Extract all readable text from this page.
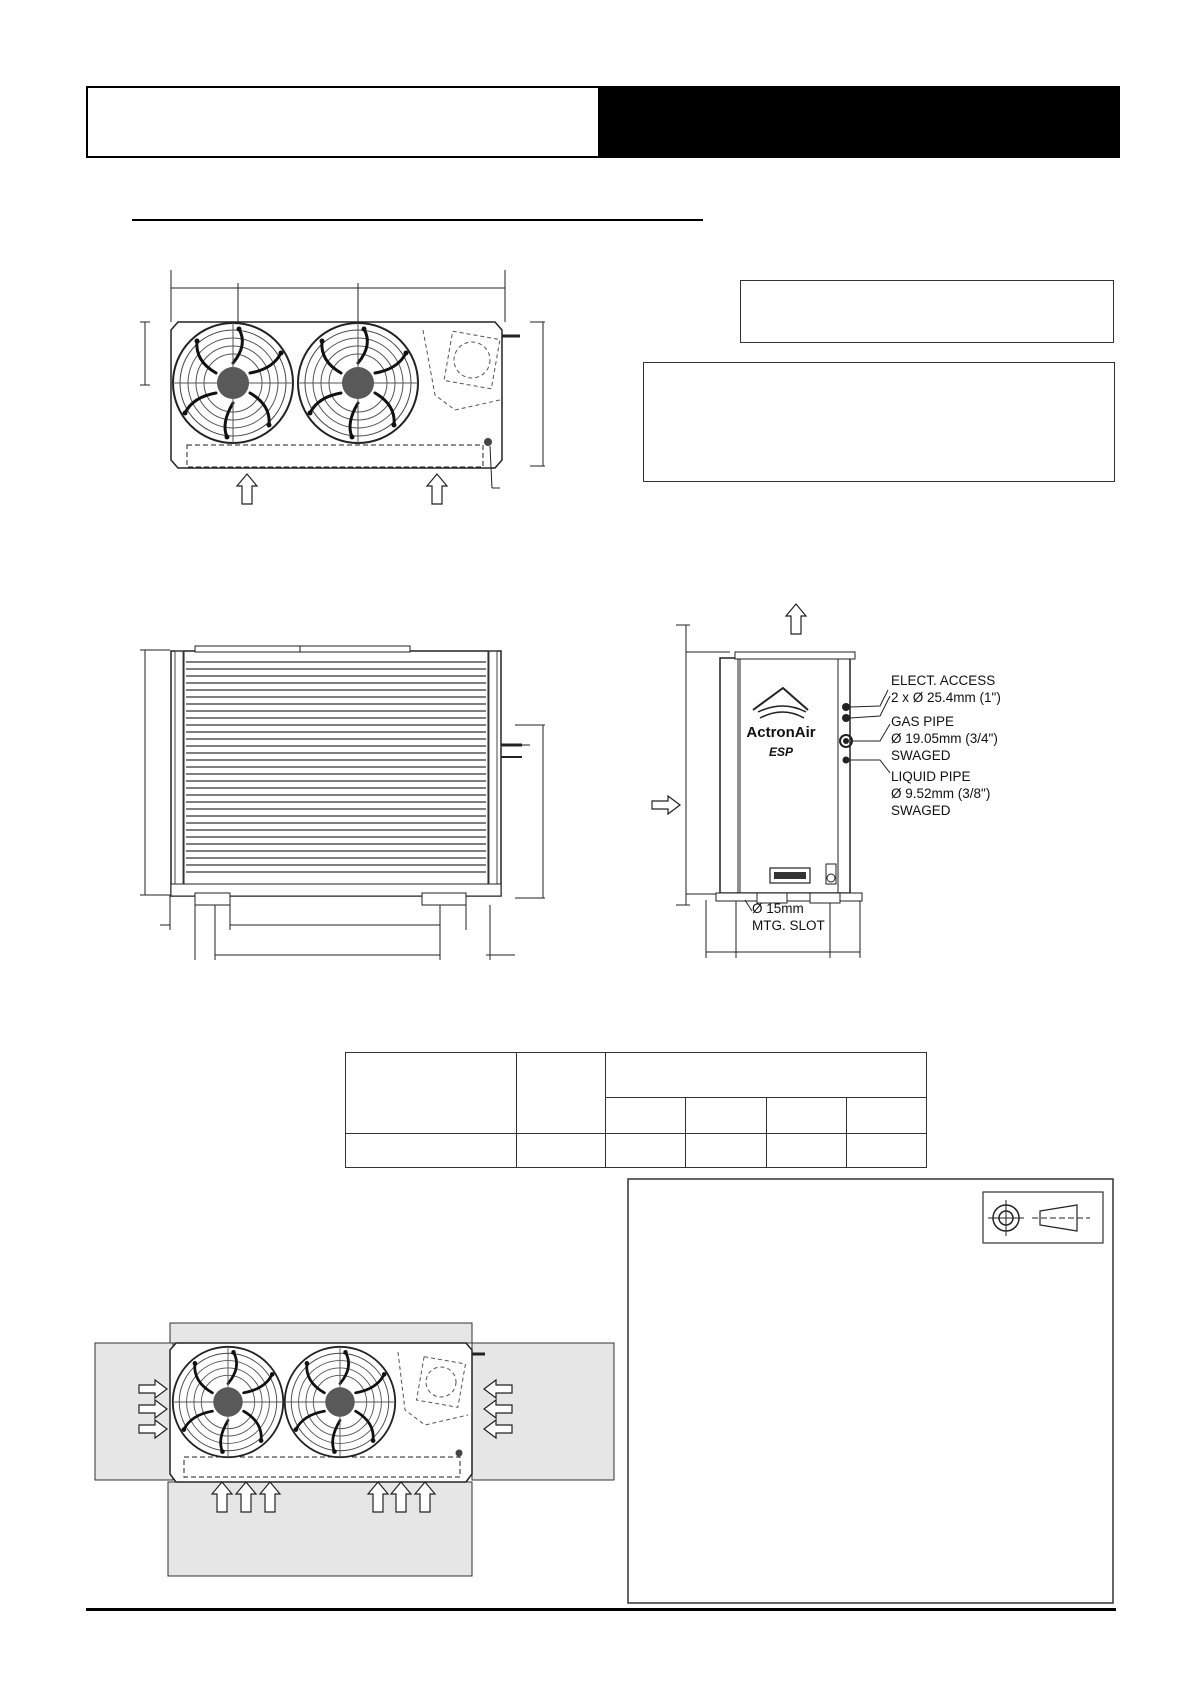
ActronAir
ESP
ELECT. ACCESS
2 x Ø 25.4mm (1")
GAS PIPE
Ø 19.05mm (3/4")
SWAGED
LIQUID PIPE
Ø 9.52mm (3/8")
SWAGED
Ø 15mm
MTG. SLOT
